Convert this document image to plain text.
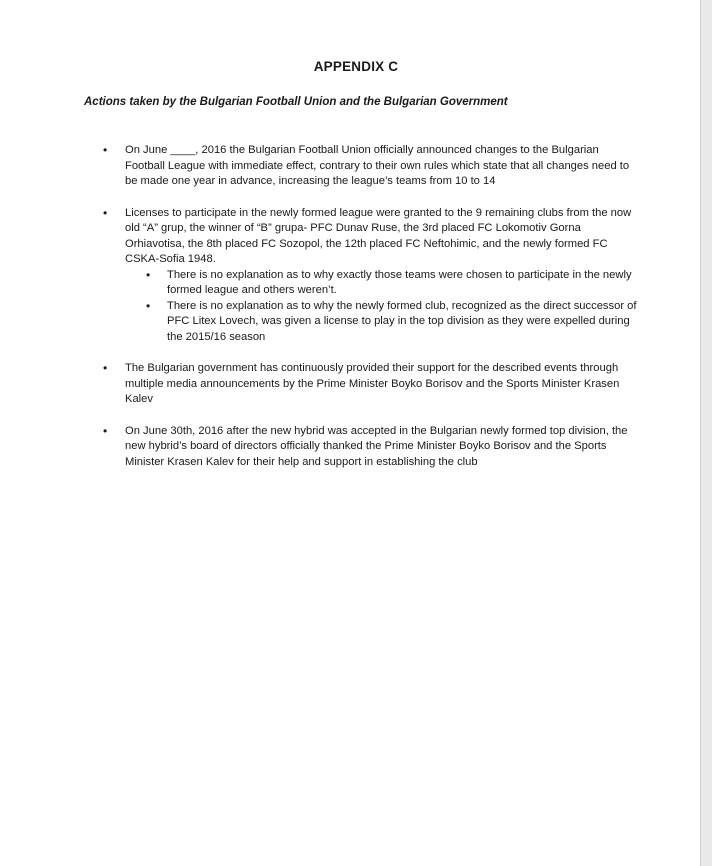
APPENDIX C

Actions taken by the Bulgarian Football Union and the Bulgarian Government

• On June ____, 2016 the Bulgarian Football Union officially announced changes to the Bulgarian Football League with immediate effect, contrary to their own rules which state that all changes need to be made one year in advance, increasing the league’s teams from 10 to 14
• Licenses to participate in the newly formed league were granted to the 9 remaining clubs from the now old “A” grup, the winner of “B” grupa- PFC Dunav Ruse, the 3rd placed FC Lokomotiv Gorna Orhiavotisa, the 8th placed FC Sozopol, the 12th placed FC Neftohimic, and the newly formed FC CSKA-Sofia 1948.
• There is no explanation as to why exactly those teams were chosen to participate in the newly formed league and others weren’t.
• There is no explanation as to why the newly formed club, recognized as the direct successor of PFC Litex Lovech, was given a license to play in the top division as they were expelled during the 2015/16 season
• The Bulgarian government has continuously provided their support for the described events through multiple media announcements by the Prime Minister Boyko Borisov and the Sports Minister Krasen Kalev
• On June 30th, 2016 after the new hybrid was accepted in the Bulgarian newly formed top division, the new hybrid’s board of directors officially thanked the Prime Minister Boyko Borisov and the Sports Minister Krasen Kalev for their help and support in establishing the club
